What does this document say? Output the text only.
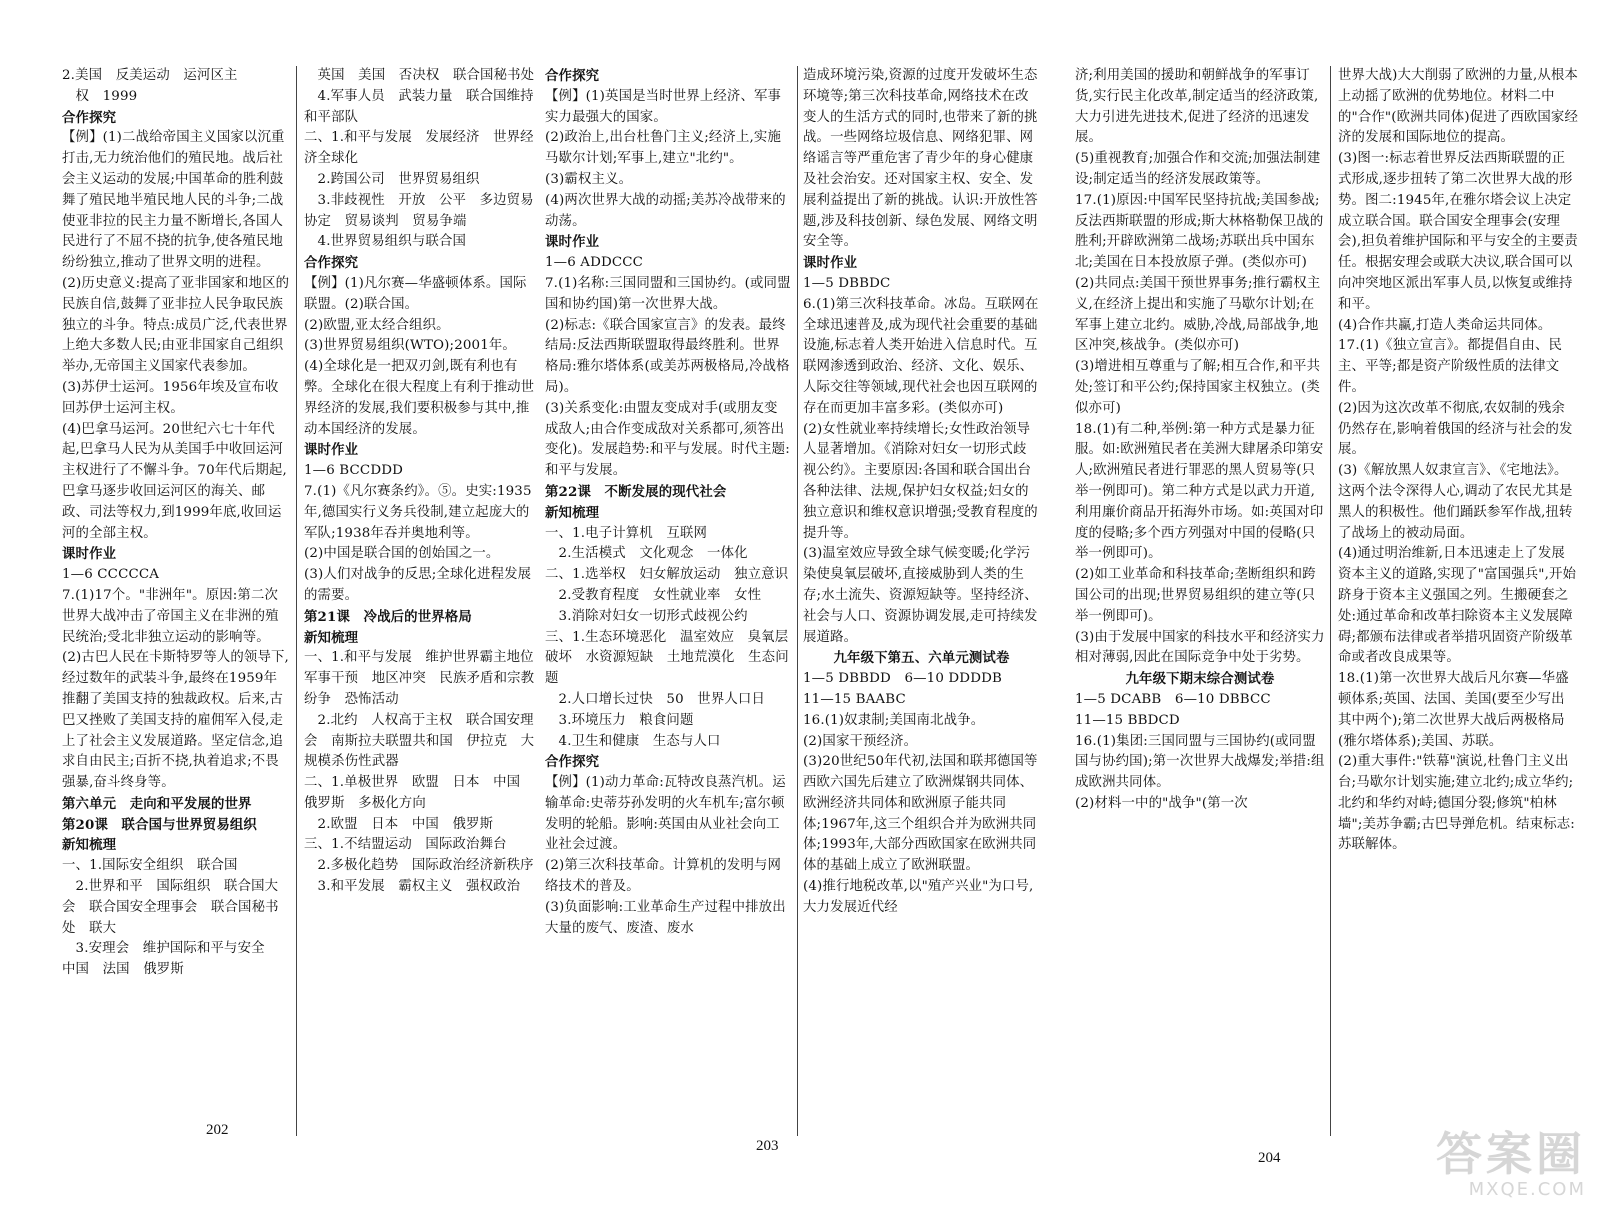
2.美国　反美运动　运河区主

　权　1999

合作探究

【例】(1)二战给帝国主义国家以沉重打击,无力统治他们的殖民地。战后社会主义运动的发展;中国革命的胜利鼓舞了殖民地半殖民地人民的斗争;二战使亚非拉的民主力量不断增长,各国人民进行了不屈不挠的抗争,使各殖民地纷纷独立,推动了世界文明的进程。

(2)历史意义:提高了亚非国家和地区的民族自信,鼓舞了亚非拉人民争取民族独立的斗争。特点:成员广泛,代表世界上绝大多数人民;由亚非国家自己组织举办,无帝国主义国家代表参加。

(3)苏伊士运河。1956年埃及宣布收回苏伊士运河主权。

(4)巴拿马运河。20世纪六七十年代起,巴拿马人民为从美国手中收回运河主权进行了不懈斗争。70年代后期起,巴拿马逐步收回运河区的海关、邮政、司法等权力,到1999年底,收回运河的全部主权。

课时作业

1—6 CCCCCA

7.(1)17个。"非洲年"。原因:第二次世界大战冲击了帝国主义在非洲的殖民统治;受北非独立运动的影响等。

(2)古巴人民在卡斯特罗等人的领导下,经过数年的武装斗争,最终在1959年推翻了美国支持的独裁政权。后来,古巴又挫败了美国支持的雇佣军入侵,走上了社会主义发展道路。坚定信念,追求自由民主;百折不挠,执着追求;不畏强暴,奋斗终身等。

第六单元　走向和平发展的世界

第20课　联合国与世界贸易组织

新知梳理

一、1.国际安全组织　联合国

　2.世界和平　国际组织　联合国大会　联合国安全理事会　联合国秘书处　联大

　3.安理会　维护国际和平与安全　中国　法国　俄罗斯

　英国　美国　否决权　联合国秘书处

　4.军事人员　武装力量　联合国维持和平部队

二、1.和平与发展　发展经济　世界经济全球化

　2.跨国公司　世界贸易组织

　3.非歧视性　开放　公平　多边贸易协定　贸易谈判　贸易争端

　4.世界贸易组织与联合国

合作探究

【例】(1)凡尔赛—华盛顿体系。国际联盟。(2)联合国。

(2)欧盟,亚太经合组织。

(3)世界贸易组织(WTO);2001年。

(4)全球化是一把双刃剑,既有利也有弊。全球化在很大程度上有利于推动世界经济的发展,我们要积极参与其中,推动本国经济的发展。

课时作业

1—6 BCCDDD

7.(1)《凡尔赛条约》。⑤。史实:1935年,德国实行义务兵役制,建立起庞大的军队;1938年吞并奥地利等。

(2)中国是联合国的创始国之一。

(3)人们对战争的反思;全球化进程发展的需要。

第21课　冷战后的世界格局

新知梳理

一、1.和平与发展　维护世界霸主地位　军事干预　地区冲突　民族矛盾和宗教纷争　恐怖活动

　2.北约　人权高于主权　联合国安理会　南斯拉夫联盟共和国　伊拉克　大规模杀伤性武器

二、1.单极世界　欧盟　日本　中国　俄罗斯　多极化方向

　2.欧盟　日本　中国　俄罗斯

三、1.不结盟运动　国际政治舞台

　2.多极化趋势　国际政治经济新秩序

　3.和平发展　霸权主义　强权政治

合作探究

【例】(1)英国是当时世界上经济、军事实力最强大的国家。

(2)政治上,出台杜鲁门主义;经济上,实施马歇尔计划;军事上,建立"北约"。

(3)霸权主义。

(4)两次世界大战的动摇;美苏冷战带来的动荡。

课时作业

1—6 ADDCCC

7.(1)名称:三国同盟和三国协约。(或同盟国和协约国)第一次世界大战。

(2)标志:《联合国家宣言》的发表。最终结局:反法西斯联盟取得最终胜利。世界格局:雅尔塔体系(或美苏两极格局,冷战格局)。

(3)关系变化:由盟友变成对手(或朋友变成敌人;由合作变成敌对关系都可,须答出变化)。发展趋势:和平与发展。时代主题:和平与发展。

第22课　不断发展的现代社会

新知梳理

一、1.电子计算机　互联网

　2.生活模式　文化观念　一体化

二、1.选举权　妇女解放运动　独立意识

　2.受教育程度　女性就业率　女性

　3.消除对妇女一切形式歧视公约

三、1.生态环境恶化　温室效应　臭氧层破坏　水资源短缺　土地荒漠化　生态问题

　2.人口增长过快　50　世界人口日

　3.环境压力　粮食问题

　4.卫生和健康　生态与人口

合作探究

【例】(1)动力革命:瓦特改良蒸汽机。运输革命:史蒂芬孙发明的火车机车;富尔顿发明的轮船。影响:英国由从业社会向工业社会过渡。

(2)第三次科技革命。计算机的发明与网络技术的普及。

(3)负面影响:工业革命生产过程中排放出大量的废气、废渣、废水

造成环境污染,资源的过度开发破坏生态环境等;第三次科技革命,网络技术在改变人的生活方式的同时,也带来了新的挑战。一些网络垃圾信息、网络犯罪、网络谣言等严重危害了青少年的身心健康及社会治安。还对国家主权、安全、发展利益提出了新的挑战。认识:开放性答题,涉及科技创新、绿色发展、网络文明安全等。

课时作业

1—5 DBBDC

6.(1)第三次科技革命。冰岛。互联网在全球迅速普及,成为现代社会重要的基础设施,标志着人类开始进入信息时代。互联网渗透到政治、经济、文化、娱乐、人际交往等领域,现代社会也因互联网的存在而更加丰富多彩。(类似亦可)

(2)女性就业率持续增长;女性政治领导人显著增加。《消除对妇女一切形式歧视公约》。主要原因:各国和联合国出台各种法律、法规,保护妇女权益;妇女的独立意识和维权意识增强;受教育程度的提升等。

(3)温室效应导致全球气候变暖;化学污染使臭氧层破坏,直接威胁到人类的生存;水土流失、资源短缺等。坚持经济、社会与人口、资源协调发展,走可持续发展道路。

九年级下第五、六单元测试卷

1—5 DBBDD　6—10 DDDDB

11—15 BAABC

16.(1)奴隶制;美国南北战争。

(2)国家干预经济。

(3)20世纪50年代初,法国和联邦德国等西欧六国先后建立了欧洲煤钢共同体、欧洲经济共同体和欧洲原子能共同体;1967年,这三个组织合并为欧洲共同体;1993年,大部分西欧国家在欧洲共同体的基础上成立了欧洲联盟。

(4)推行地税改革,以"殖产兴业"为口号,大力发展近代经

济;利用美国的援助和朝鲜战争的军事订货,实行民主化改革,制定适当的经济政策,大力引进先进技术,促进了经济的迅速发展。

(5)重视教育;加强合作和交流;加强法制建设;制定适当的经济发展政策等。

17.(1)原因:中国军民坚持抗战;美国参战;反法西斯联盟的形成;斯大林格勒保卫战的胜利;开辟欧洲第二战场;苏联出兵中国东北;美国在日本投放原子弹。(类似亦可)

(2)共同点:美国干预世界事务;推行霸权主义,在经济上提出和实施了马歇尔计划;在军事上建立北约。威胁,冷战,局部战争,地区冲突,核战争。(类似亦可)

(3)增进相互尊重与了解;相互合作,和平共处;签订和平公约;保持国家主权独立。(类似亦可)

18.(1)有二种,举例:第一种方式是暴力征服。如:欧洲殖民者在美洲大肆屠杀印第安人;欧洲殖民者进行罪恶的黑人贸易等(只举一例即可)。第二种方式是以武力开道,利用廉价商品开拓海外市场。如:英国对印度的侵略;多个西方列强对中国的侵略(只举一例即可)。

(2)如工业革命和科技革命;垄断组织和跨国公司的出现;世界贸易组织的建立等(只举一例即可)。

(3)由于发展中国家的科技水平和经济实力相对薄弱,因此在国际竞争中处于劣势。

九年级下期末综合测试卷

1—5 DCABB　6—10 DBBCC

11—15 BBDCD

16.(1)集团:三国同盟与三国协约(或同盟国与协约国);第一次世界大战爆发;举措:组成欧洲共同体。

(2)材料一中的"战争"(第一次

世界大战)大大削弱了欧洲的力量,从根本上动摇了欧洲的优势地位。材料二中的"合作"(欧洲共同体)促进了西欧国家经济的发展和国际地位的提高。

(3)图一:标志着世界反法西斯联盟的正式形成,逐步扭转了第二次世界大战的形势。图二:1945年,在雅尔塔会议上决定成立联合国。联合国安全理事会(安理会),担负着维护国际和平与安全的主要责任。根据安理会或联大决议,联合国可以向冲突地区派出军事人员,以恢复或维持和平。

(4)合作共赢,打造人类命运共同体。

17.(1)《独立宣言》。都提倡自由、民主、平等;都是资产阶级性质的法律文件。

(2)因为这次改革不彻底,农奴制的残余仍然存在,影响着俄国的经济与社会的发展。

(3)《解放黑人奴隶宣言》、《宅地法》。这两个法令深得人心,调动了农民尤其是黑人的积极性。他们踊跃参军作战,扭转了战场上的被动局面。

(4)通过明治维新,日本迅速走上了发展资本主义的道路,实现了"富国强兵",开始跻身于资本主义强国之列。生搬硬套之处:通过革命和改革扫除资本主义发展障碍;都颁布法律或者举措巩固资产阶级革命或者改良成果等。

18.(1)第一次世界大战后凡尔赛—华盛顿体系;英国、法国、美国(要至少写出其中两个);第二次世界大战后两极格局(雅尔塔体系);美国、苏联。

(2)重大事件:"铁幕"演说,杜鲁门主义出台;马歇尔计划实施;建立北约;成立华约;北约和华约对峙;德国分裂;修筑"柏林墙";美苏争霸;古巴导弹危机。结束标志:苏联解体。

202
203
204	答案圈
MXQE.COM
